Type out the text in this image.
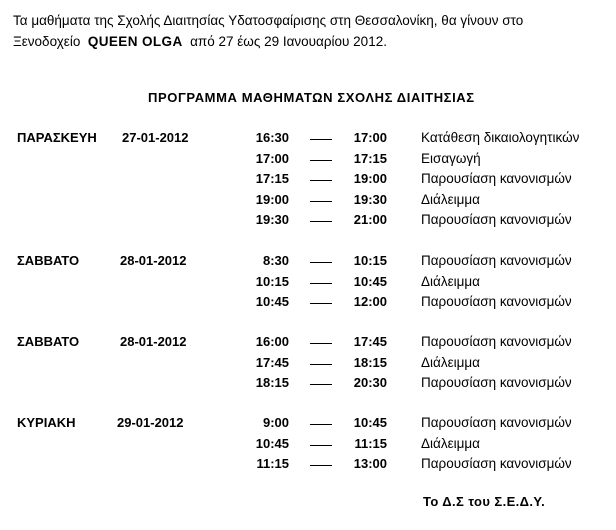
Τα μαθήματα της Σχολής Διαιτησίας Υδατοσφαίρισης στη Θεσσαλονίκη, θα γίνουν στο
Ξενοδοχείο QUEEN OLGA από 27 έως 29 Ιανουαρίου 2012.
ΠΡΟΓΡΑΜΜΑ ΜΑΘΗΜΑΤΩΝ ΣΧΟΛΗΣ ΔΙΑΙΤΗΣΙΑΣ
ΠΑΡΑΣΚΕΥΗ 27-01-2012	16:30	17:00	Κατάθεση δικαιολογητικών
17:00	17:15	Εισαγωγή
17:15	19:00	Παρουσίαση κανονισμών
19:00	19:30	Διάλειμμα
19:30	21:00	Παρουσίαση κανονισμών
ΣΑΒΒΑΤΟ	28-01-2012	8:30	10:15	Παρουσίαση κανονισμών
10:15	10:45	Διάλειμμα
10:45	12:00	Παρουσίαση κανονισμών
ΣΑΒΒΑΤΟ	28-01-2012	16:00	17:45	Παρουσίαση κανονισμών
17:45	18:15	Διάλειμμα
18:15	20:30	Παρουσίαση κανονισμών
ΚΥΡΙΑΚΗ	29-01-2012	9:00	10:45	Παρουσίαση κανονισμών
10:45	11:15	Διάλειμμα
11:15	13:00	Παρουσίαση κανονισμών
Το Δ.Σ του Σ.Ε.Δ.Υ.
